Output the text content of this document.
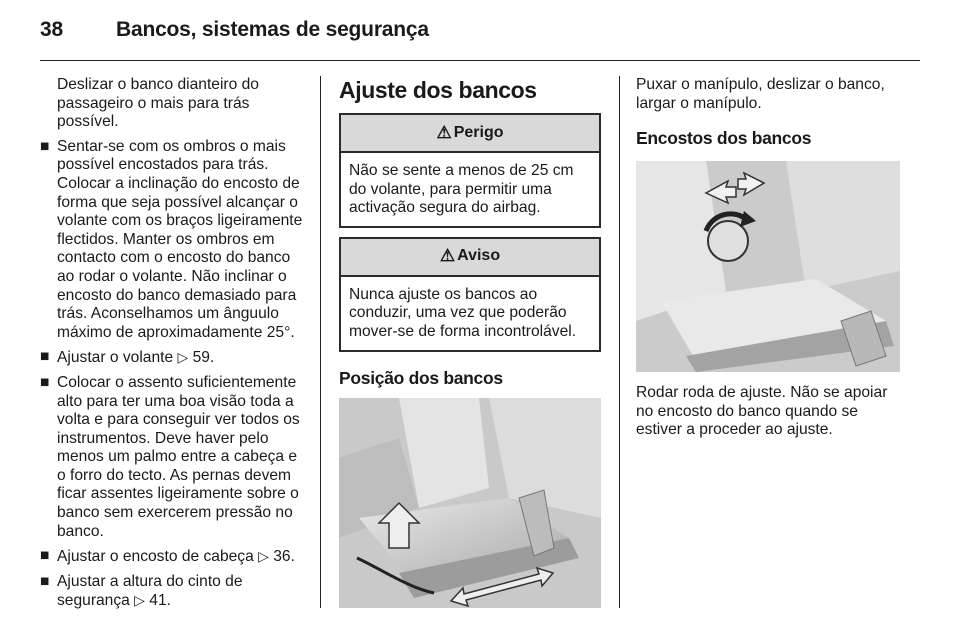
38	Bancos, sistemas de segurança

Deslizar o banco dianteiro do passageiro o mais para trás possível.

■ Sentar-se com os ombros o mais possível encostados para trás. Colocar a inclinação do encosto de forma que seja possível alcançar o volante com os braços ligeiramente flectidos. Manter os ombros em contacto com o encosto do banco ao rodar o volante. Não inclinar o encosto do banco demasiado para trás. Aconselhamos um ânguulo máximo de aproximadamente 25°.
■ Ajustar o volante ▷ 59.
■ Colocar o assento suficientemente alto para ter uma boa visão toda a volta e para conseguir ver todos os instrumentos. Deve haver pelo menos um palmo entre a cabeça e o forro do tecto. As pernas devem ficar assentes ligeiramente sobre o banco sem exercerem pressão no banco.
■ Ajustar o encosto de cabeça ▷ 36.
■ Ajustar a altura do cinto de segurança ▷ 41.
Ajuste dos bancos
⚠ Perigo
Não se sente a menos de 25 cm do volante, para permitir uma activação segura do airbag.
⚠ Aviso
Nunca ajuste os bancos ao conduzir, uma vez que poderão mover-se de forma incontrolável.
Posição dos bancos

Puxar o manípulo, deslizar o banco, largar o manípulo.

Encostos dos bancos

Rodar roda de ajuste. Não se apoiar no encosto do banco quando se estiver a proceder ao ajuste.
